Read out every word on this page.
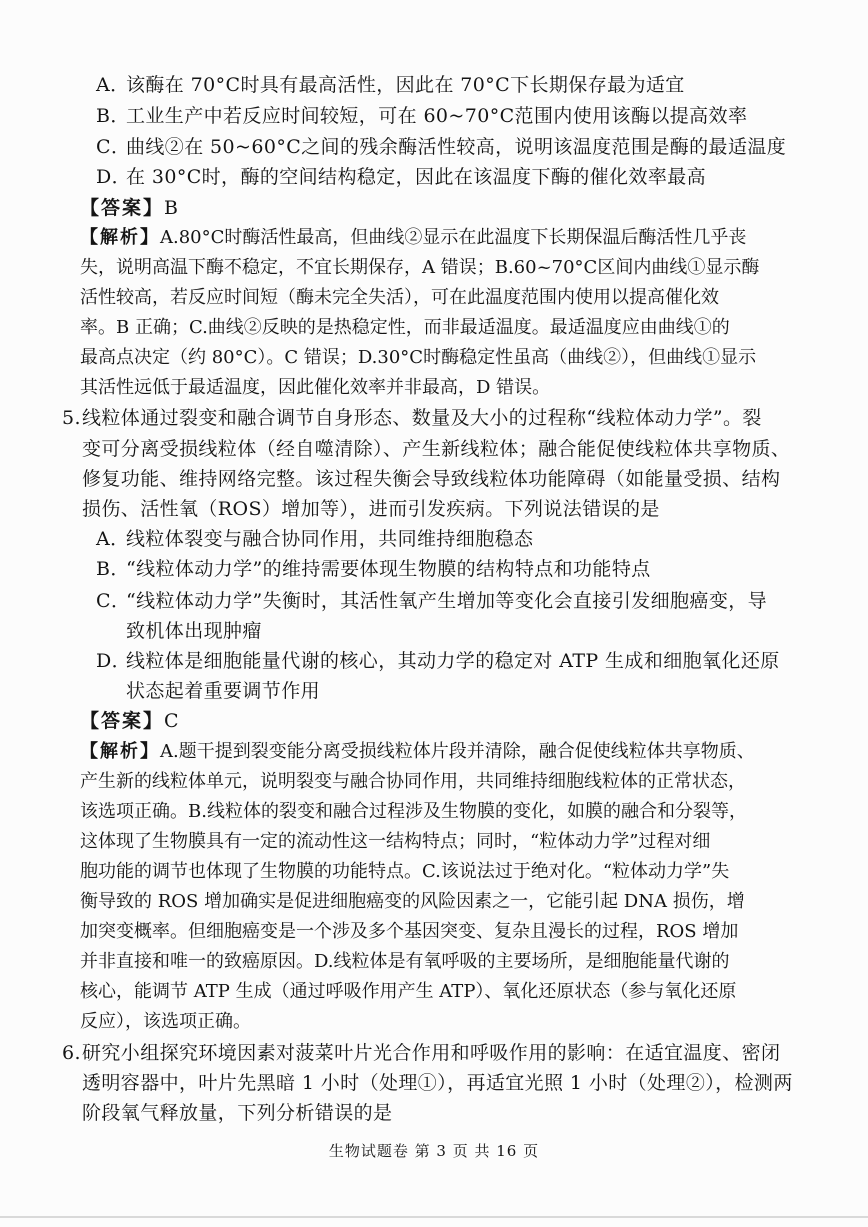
A．该酶在 70°C时具有最高活性，因此在 70°C下长期保存最为适宜
B．工业生产中若反应时间较短，可在 60~70°C范围内使用该酶以提高效率
C．曲线②在 50~60°C之间的残余酶活性较高，说明该温度范围是酶的最适温度
D．在 30°C时，酶的空间结构稳定，因此在该温度下酶的催化效率最高
【答案】B
【解析】A.80°C时酶活性最高，但曲线②显示在此温度下长期保温后酶活性几乎丧
失，说明高温下酶不稳定，不宜长期保存，A 错误；B.60~70°C区间内曲线①显示酶
活性较高，若反应时间短（酶未完全失活），可在此温度范围内使用以提高催化效
率。B 正确；C.曲线②反映的是热稳定性，而非最适温度。最适温度应由曲线①的
最高点决定（约 80°C）。C 错误；D.30°C时酶稳定性虽高（曲线②），但曲线①显示
其活性远低于最适温度，因此催化效率并非最高，D 错误。
5.线粒体通过裂变和融合调节自身形态、数量及大小的过程称“线粒体动力学”。裂
变可分离受损线粒体（经自噬清除）、产生新线粒体；融合能促使线粒体共享物质、
修复功能、维持网络完整。该过程失衡会导致线粒体功能障碍（如能量受损、结构
损伤、活性氧（ROS）增加等），进而引发疾病。下列说法错误的是
A．线粒体裂变与融合协同作用，共同维持细胞稳态
B．“线粒体动力学”的维持需要体现生物膜的结构特点和功能特点
C．“线粒体动力学”失衡时，其活性氧产生增加等变化会直接引发细胞癌变，导
致机体出现肿瘤
D．线粒体是细胞能量代谢的核心，其动力学的稳定对 ATP 生成和细胞氧化还原
状态起着重要调节作用
【答案】C
【解析】A.题干提到裂变能分离受损线粒体片段并清除，融合促使线粒体共享物质、
产生新的线粒体单元，说明裂变与融合协同作用，共同维持细胞线粒体的正常状态，
该选项正确。B.线粒体的裂变和融合过程涉及生物膜的变化，如膜的融合和分裂等，
这体现了生物膜具有一定的流动性这一结构特点；同时，“粒体动力学”过程对细
胞功能的调节也体现了生物膜的功能特点。C.该说法过于绝对化。“粒体动力学”失
衡导致的 ROS 增加确实是促进细胞癌变的风险因素之一，它能引起 DNA 损伤，增
加突变概率。但细胞癌变是一个涉及多个基因突变、复杂且漫长的过程，ROS 增加
并非直接和唯一的致癌原因。D.线粒体是有氧呼吸的主要场所，是细胞能量代谢的
核心，能调节 ATP 生成（通过呼吸作用产生 ATP）、氧化还原状态（参与氧化还原
反应），该选项正确。
6.研究小组探究环境因素对菠菜叶片光合作用和呼吸作用的影响：在适宜温度、密闭
透明容器中，叶片先黑暗 1 小时（处理①），再适宜光照 1 小时（处理②），检测两
阶段氧气释放量，下列分析错误的是
生物试题卷 第 3 页 共 16 页
